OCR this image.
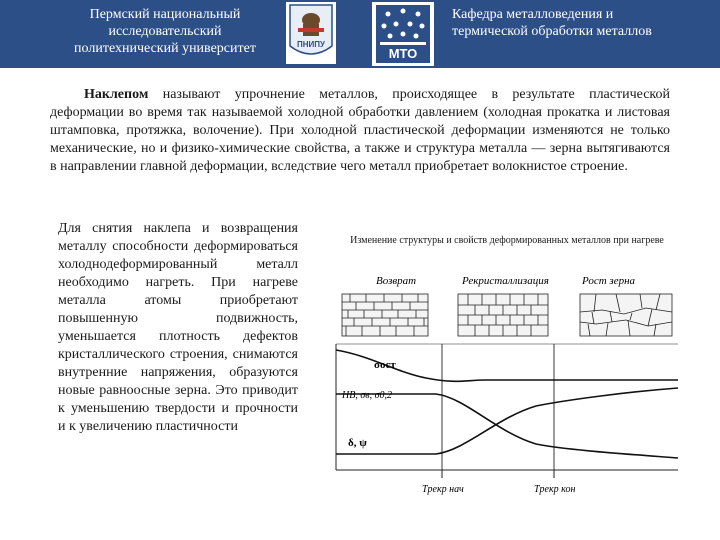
Пермский национальный исследовательский политехнический университет	ПНИПУ
МТО
Кафедра металловедения и термической обработки металлов

Наклепом называют упрочнение металлов, происходящее в результате пластической деформации во время так называемой холодной обработки давлением (холодная прокатка и листовая штамповка, протяжка, волочение). При холодной пластической деформации изменяются не только механические, но и физико-химические свойства, а также и структура металла — зерна вытягиваются в направлении главной деформации, вследствие чего металл приобретает волокнистое строение.

Для снятия наклепа и возвращения металлу способности деформироваться холоднодеформированный металл необходимо нагреть. При нагреве металла атомы приобретают повышенную подвижность, уменьшается плотность дефектов кристаллического строения, снимаются внутренние напряжения, образуются новые равноосные зерна. Это приводит к уменьшению твердости и прочности и к увеличению пластичности

Изменение структуры и свойств деформированных металлов при нагреве

Возврат	Рекристаллизация	Рост зерна
σост
HB, σв, σ0,2
δ, ψ
Tрекр нач	Tрекр кон
